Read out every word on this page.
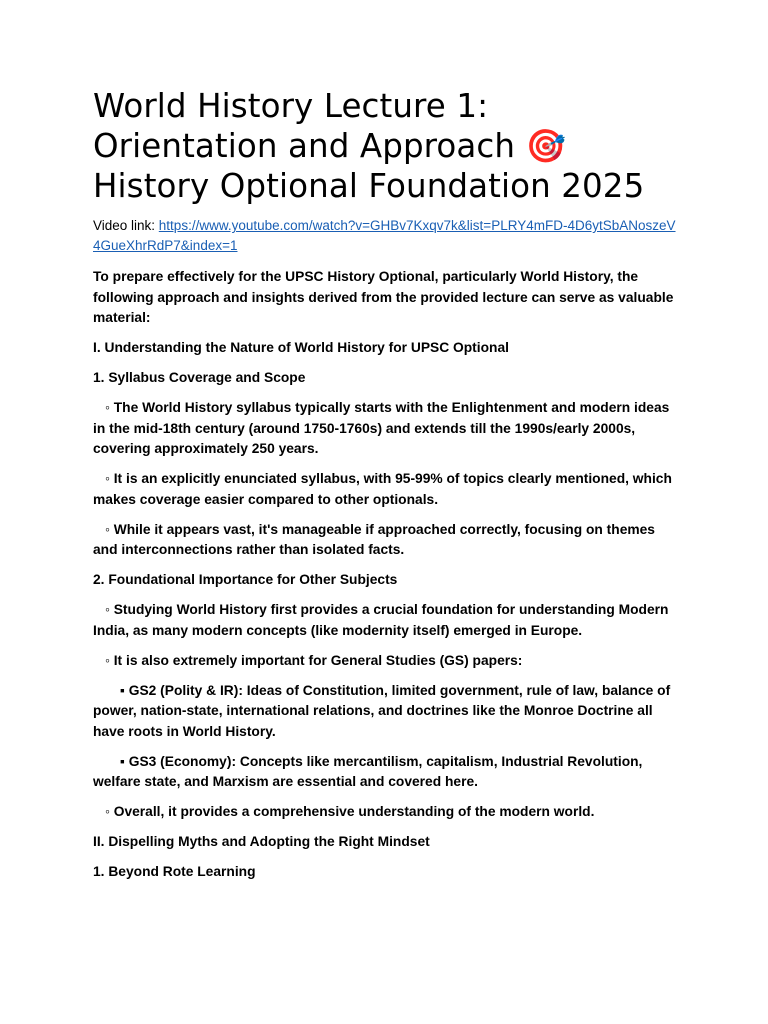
World History Lecture 1: Orientation and Approach 🎯 History Optional Foundation 2025
Video link: https://www.youtube.com/watch?v=GHBv7Kxqv7k&list=PLRY4mFD-4D6ytSbANoszeV4GueXhrRdP7&index=1

To prepare effectively for the UPSC History Optional, particularly World History, the following approach and insights derived from the provided lecture can serve as valuable material:

I. Understanding the Nature of World History for UPSC Optional

1. Syllabus Coverage and Scope

◦ The World History syllabus typically starts with the Enlightenment and modern ideas in the mid-18th century (around 1750-1760s) and extends till the 1990s/early 2000s, covering approximately 250 years.

◦ It is an explicitly enunciated syllabus, with 95-99% of topics clearly mentioned, which makes coverage easier compared to other optionals.

◦ While it appears vast, it's manageable if approached correctly, focusing on themes and interconnections rather than isolated facts.

2. Foundational Importance for Other Subjects

◦ Studying World History first provides a crucial foundation for understanding Modern India, as many modern concepts (like modernity itself) emerged in Europe.

◦ It is also extremely important for General Studies (GS) papers:

▪ GS2 (Polity & IR): Ideas of Constitution, limited government, rule of law, balance of power, nation-state, international relations, and doctrines like the Monroe Doctrine all have roots in World History.

▪ GS3 (Economy): Concepts like mercantilism, capitalism, Industrial Revolution, welfare state, and Marxism are essential and covered here.

◦ Overall, it provides a comprehensive understanding of the modern world.

II. Dispelling Myths and Adopting the Right Mindset

1. Beyond Rote Learning
